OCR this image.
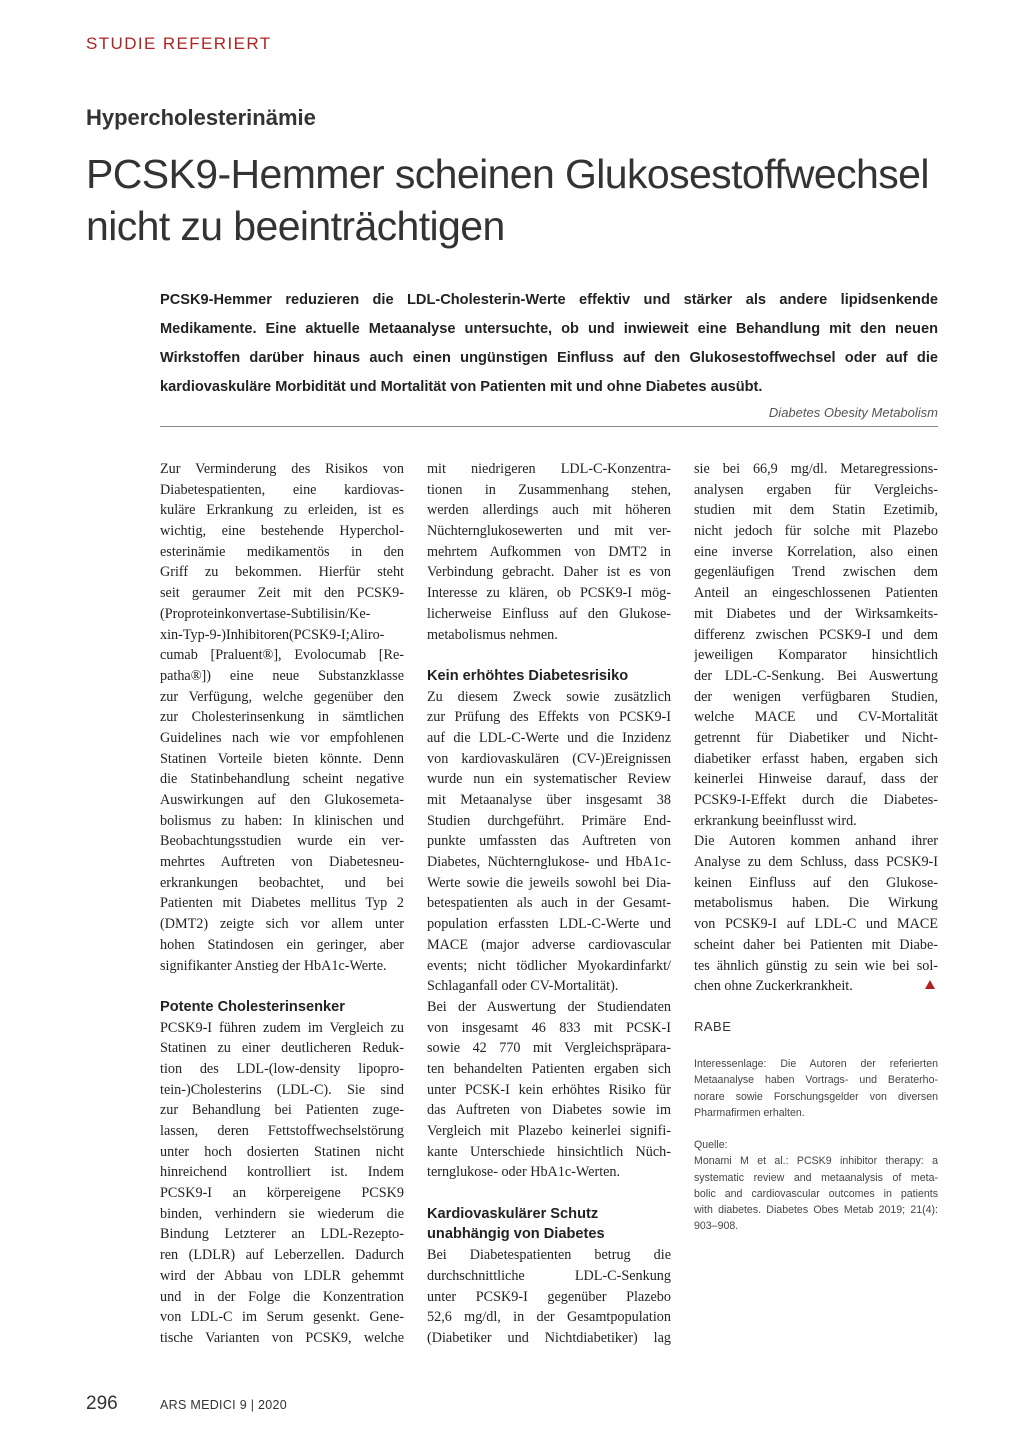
STUDIE REFERIERT
Hypercholesterinämie
PCSK9-Hemmer scheinen Glukosestoffwechsel
nicht zu beeinträchtigen
PCSK9-Hemmer reduzieren die LDL-Cholesterin-Werte effektiv und stärker als andere lipidsenkende Medikamente. Eine aktuelle Metaanalyse untersuchte, ob und inwieweit eine Behandlung mit den neuen Wirkstoffen darüber hinaus auch einen ungünstigen Einfluss auf den Glukosestoffwechsel oder auf die kardiovaskuläre Morbidität und Mortalität von Patienten mit und ohne Diabetes ausübt.
Diabetes Obesity Metabolism
Zur Verminderung des Risikos von
Diabetespatienten, eine kardiovas-
kuläre Erkrankung zu erleiden, ist es
wichtig, eine bestehende Hyperchol-
esterinämie medikamentös in den
Griff zu bekommen. Hierfür steht
seit geraumer Zeit mit den PCSK9-
(Proproteinkonvertase-Subtilisin/Ke-
xin-Typ-9-)Inhibitoren(PCSK9-I;Aliro-
cumab [Praluent®], Evolocumab [Re-
patha®]) eine neue Substanzklasse
zur Verfügung, welche gegenüber den
zur Cholesterinsenkung in sämtlichen
Guidelines nach wie vor empfohlenen
Statinen Vorteile bieten könnte. Denn
die Statinbehandlung scheint negative
Auswirkungen auf den Glukosemeta-
bolismus zu haben: In klinischen und
Beobachtungsstudien wurde ein ver-
mehrtes Auftreten von Diabetesneu-
erkrankungen beobachtet, und bei
Patienten mit Diabetes mellitus Typ 2
(DMT2) zeigte sich vor allem unter
hohen Statindosen ein geringer, aber
signifikanter Anstieg der HbA1c-Werte.
Potente Cholesterinsenker
PCSK9-I führen zudem im Vergleich zu
Statinen zu einer deutlicheren Reduk-
tion des LDL-(low-density lipopro-
tein-)Cholesterins (LDL-C). Sie sind
zur Behandlung bei Patienten zuge-
lassen, deren Fettstoffwechselstörung
unter hoch dosierten Statinen nicht
hinreichend kontrolliert ist. Indem
PCSK9-I an körpereigene PCSK9
binden, verhindern sie wiederum die
Bindung Letzterer an LDL-Rezepto-
ren (LDLR) auf Leberzellen. Dadurch
wird der Abbau von LDLR gehemmt
und in der Folge die Konzentration
von LDL-C im Serum gesenkt. Gene-
tische Varianten von PCSK9, welche
mit niedrigeren LDL-C-Konzentra-
tionen in Zusammenhang stehen,
werden allerdings auch mit höheren
Nüchternglukosewerten und mit ver-
mehrtem Aufkommen von DMT2 in
Verbindung gebracht. Daher ist es von
Interesse zu klären, ob PCSK9-I mög-
licherweise Einfluss auf den Glukose-
metabolismus nehmen.
Kein erhöhtes Diabetesrisiko
Zu diesem Zweck sowie zusätzlich
zur Prüfung des Effekts von PCSK9-I
auf die LDL-C-Werte und die Inzidenz
von kardiovaskulären (CV-)Ereignissen
wurde nun ein systematischer Review
mit Metaanalyse über insgesamt 38
Studien durchgeführt. Primäre End-
punkte umfassten das Auftreten von
Diabetes, Nüchternglukose- und HbA1c-
Werte sowie die jeweils sowohl bei Dia-
betespatienten als auch in der Gesamt-
population erfassten LDL-C-Werte und
MACE (major adverse cardiovascular
events; nicht tödlicher Myokardinfarkt/
Schlaganfall oder CV-Mortalität).
Bei der Auswertung der Studiendaten
von insgesamt 46 833 mit PCSK-I
sowie 42 770 mit Vergleichspräpara-
ten behandelten Patienten ergaben sich
unter PCSK-I kein erhöhtes Risiko für
das Auftreten von Diabetes sowie im
Vergleich mit Plazebo keinerlei signifi-
kante Unterschiede hinsichtlich Nüch-
ternglukose- oder HbA1c-Werten.
Kardiovaskulärer Schutz
unabhängig von Diabetes
Bei Diabetespatienten betrug die
durchschnittliche LDL-C-Senkung
unter PCSK9-I gegenüber Plazebo
52,6 mg/dl, in der Gesamtpopulation
(Diabetiker und Nichtdiabetiker) lag
sie bei 66,9 mg/dl. Metaregressions-
analysen ergaben für Vergleichs-
studien mit dem Statin Ezetimib,
nicht jedoch für solche mit Plazebo
eine inverse Korrelation, also einen
gegenläufigen Trend zwischen dem
Anteil an eingeschlossenen Patienten
mit Diabetes und der Wirksamkeits-
differenz zwischen PCSK9-I und dem
jeweiligen Komparator hinsichtlich
der LDL-C-Senkung. Bei Auswertung
der wenigen verfügbaren Studien,
welche MACE und CV-Mortalität
getrennt für Diabetiker und Nicht-
diabetiker erfasst haben, ergaben sich
keinerlei Hinweise darauf, dass der
PCSK9-I-Effekt durch die Diabetes-
erkrankung beeinflusst wird.
Die Autoren kommen anhand ihrer
Analyse zu dem Schluss, dass PCSK9-I
keinen Einfluss auf den Glukose-
metabolismus haben. Die Wirkung
von PCSK9-I auf LDL-C und MACE
scheint daher bei Patienten mit Diabe-
tes ähnlich günstig zu sein wie bei sol-
chen ohne Zuckerkrankheit.
RABE
Interessenlage: Die Autoren der referierten
Metaanalyse haben Vortrags- und Beraterho-
norare sowie Forschungsgelder von diversen
Pharmafirmen erhalten.
Quelle:
Monami M et al.: PCSK9 inhibitor therapy: a
systematic review and metaanalysis of meta-
bolic and cardiovascular outcomes in patients
with diabetes. Diabetes Obes Metab 2019; 21(4):
903–908.
296	ARS MEDICI 9 | 2020
